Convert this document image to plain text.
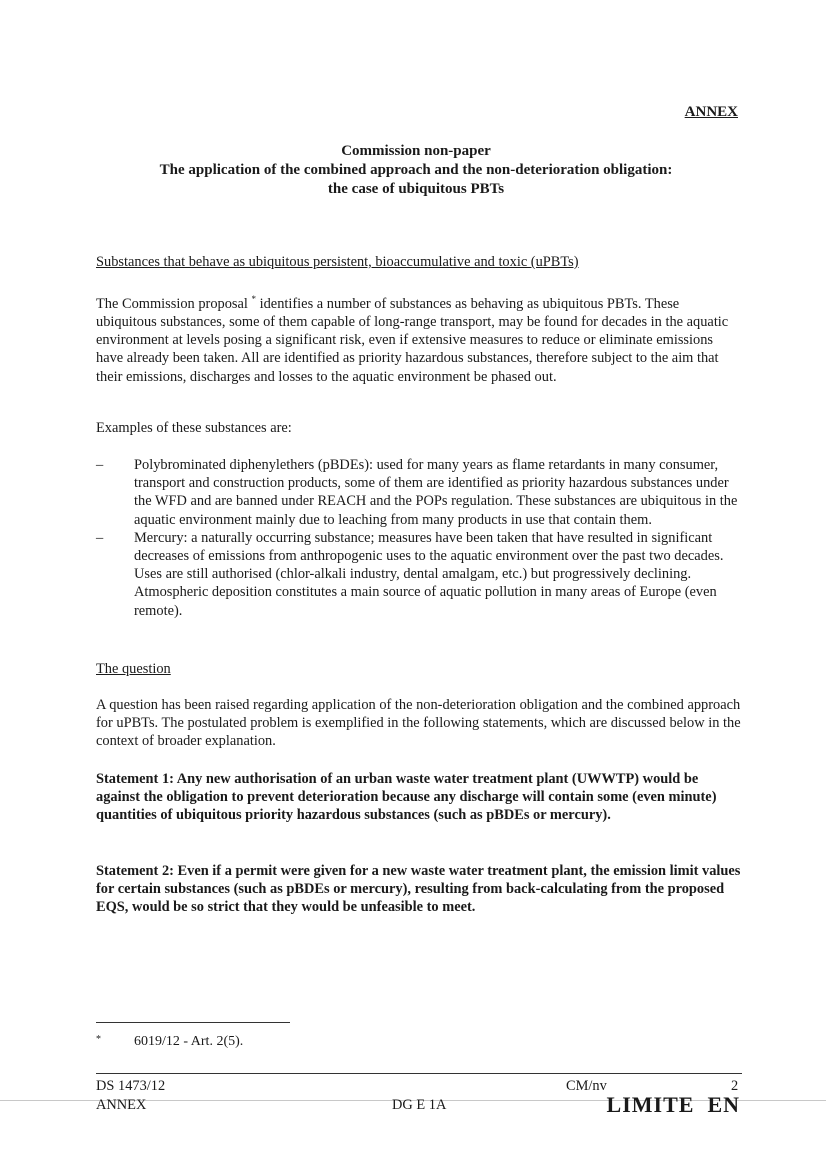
ANNEX
Commission non-paper
The application of the combined approach and the non-deterioration obligation:
the case of ubiquitous PBTs
Substances that behave as ubiquitous persistent, bioaccumulative and toxic (uPBTs)
The Commission proposal * identifies a number of substances as behaving as ubiquitous PBTs. These ubiquitous substances, some of them capable of long-range transport, may be found for decades in the aquatic environment at levels posing a significant risk, even if extensive measures to reduce or eliminate emissions have already been taken. All are identified as priority hazardous substances, therefore subject to the aim that their emissions, discharges and losses to the aquatic environment be phased out.
Examples of these substances are:
– Polybrominated diphenylethers (pBDEs): used for many years as flame retardants in many consumer, transport and construction products, some of them are identified as priority hazardous substances under the WFD and are banned under REACH and the POPs regulation. These substances are ubiquitous in the aquatic environment mainly due to leaching from many products in use that contain them.
– Mercury: a naturally occurring substance; measures have been taken that have resulted in significant decreases of emissions from anthropogenic uses to the aquatic environment over the past two decades. Uses are still authorised (chlor-alkali industry, dental amalgam, etc.) but progressively declining. Atmospheric deposition constitutes a main source of aquatic pollution in many areas of Europe (even remote).
The question
A question has been raised regarding application of the non-deterioration obligation and the combined approach for uPBTs. The postulated problem is exemplified in the following statements, which are discussed below in the context of broader explanation.
Statement 1: Any new authorisation of an urban waste water treatment plant (UWWTP) would be against the obligation to prevent deterioration because any discharge will contain some (even minute) quantities of ubiquitous priority hazardous substances (such as pBDEs or mercury).
Statement 2: Even if a permit were given for a new waste water treatment plant, the emission limit values for certain substances (such as pBDEs or mercury), resulting from back-calculating from the proposed EQS, would be so strict that they would be unfeasible to meet.
* 6019/12 - Art. 2(5).
DS 1473/12
ANNEX
CM/nv	2
DG E 1A	LIMITE EN
